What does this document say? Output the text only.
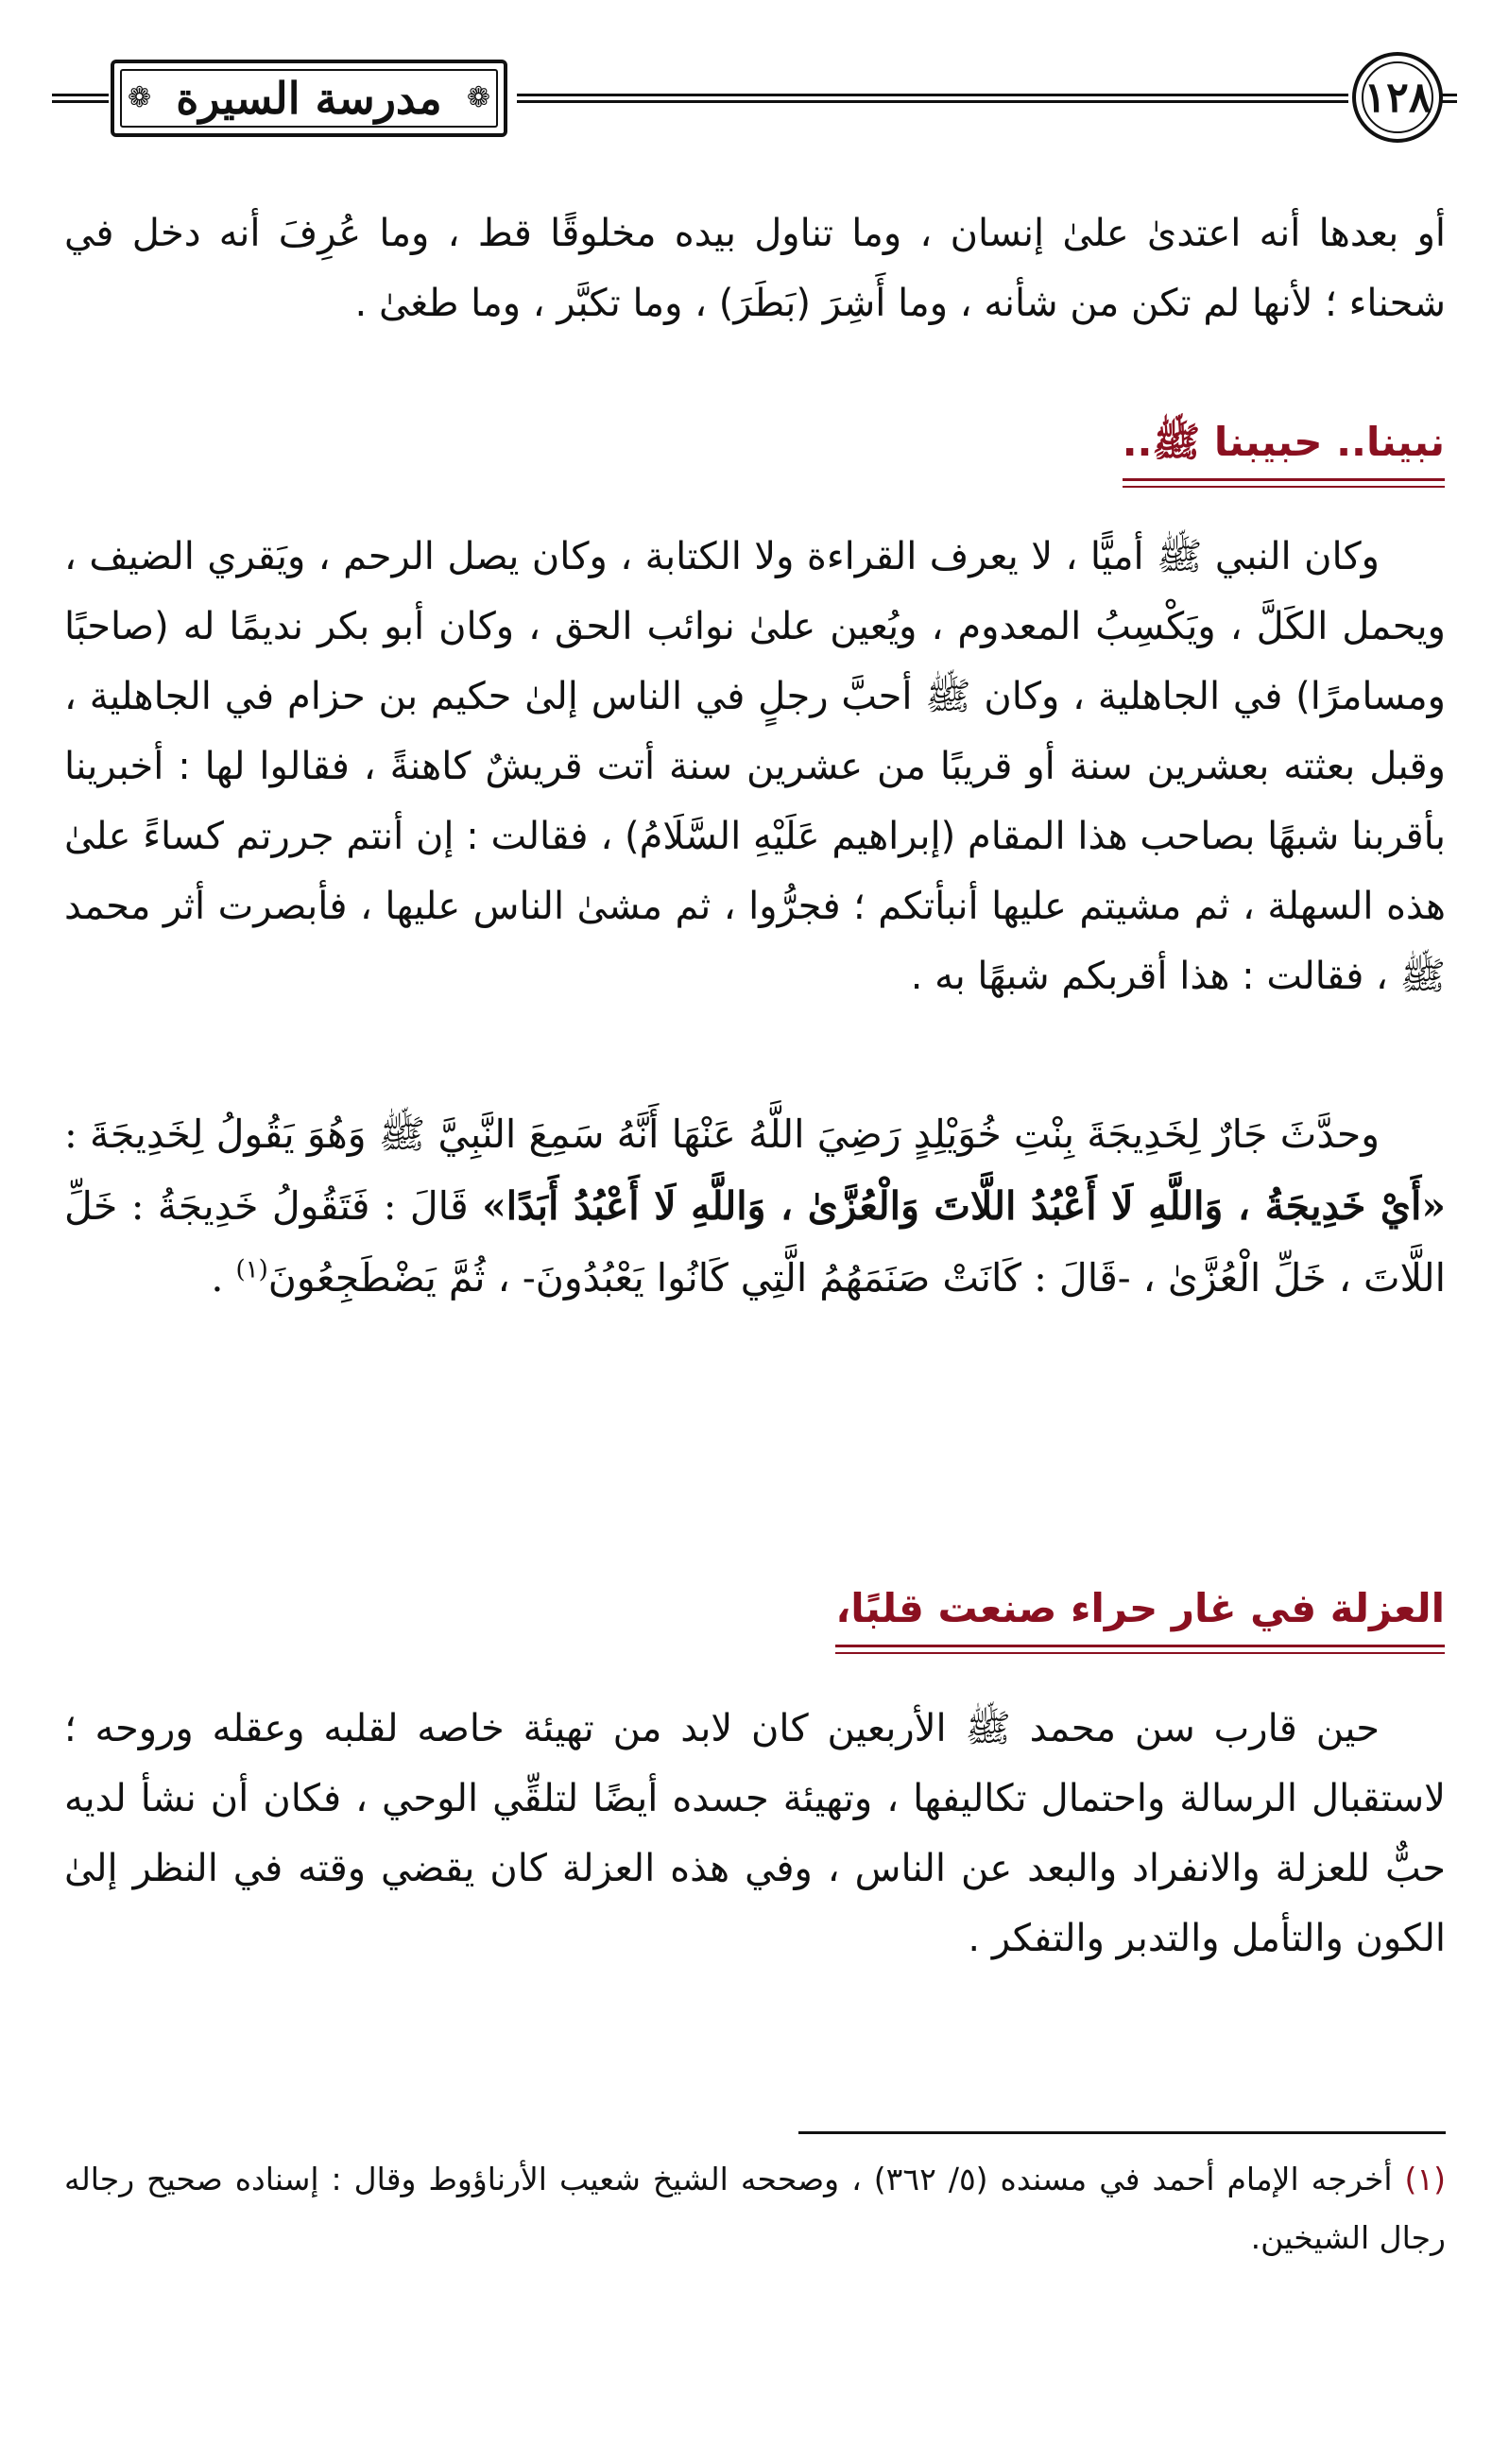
❁ مدرسة السيرة ❁	١٢٨

أو بعدها أنه اعتدىٰ علىٰ إنسان ، وما تناول بيده مخلوقًا قط ، وما عُرِفَ أنه دخل في شحناء ؛ لأنها لم تكن من شأنه ، وما أَشِرَ (بَطَرَ) ، وما تكبَّر ، وما طغىٰ .

نبينا.. حبيبنا ﷺ..

وكان النبي ﷺ أميًّا ، لا يعرف القراءة ولا الكتابة ، وكان يصل الرحم ، ويَقري الضيف ، ويحمل الكَلَّ ، ويَكْسِبُ المعدوم ، ويُعين علىٰ نوائب الحق ، وكان أبو بكر نديمًا له (صاحبًا ومسامرًا) في الجاهلية ، وكان ﷺ أحبَّ رجلٍ في الناس إلىٰ حكيم بن حزام في الجاهلية ، وقبل بعثته بعشرين سنة أو قريبًا من عشرين سنة أتت قريشٌ كاهنةً ، فقالوا لها : أخبرينا بأقربنا شبهًا بصاحب هذا المقام (إبراهيم عَلَيْهِ السَّلَامُ) ، فقالت : إن أنتم جررتم كساءً علىٰ هذه السهلة ، ثم مشيتم عليها أنبأتكم ؛ فجرُّوا ، ثم مشىٰ الناس عليها ، فأبصرت أثر محمد ﷺ ، فقالت : هذا أقربكم شبهًا به .

وحدَّثَ جَارٌ لِخَدِيجَةَ بِنْتِ خُوَيْلِدٍ رَضِيَ اللَّهُ عَنْهَا أَنَّهُ سَمِعَ النَّبِيَّ ﷺ وَهُوَ يَقُولُ لِخَدِيجَةَ : «أَيْ خَدِيجَةُ ، وَاللَّهِ لَا أَعْبُدُ اللَّاتَ وَالْعُزَّىٰ ، وَاللَّهِ لَا أَعْبُدُ أَبَدًا» قَالَ : فَتَقُولُ خَدِيجَةُ : خَلِّ اللَّاتَ ، خَلِّ الْعُزَّىٰ ، -قَالَ : كَانَتْ صَنَمَهُمُ الَّتِي كَانُوا يَعْبُدُونَ- ، ثُمَّ يَضْطَجِعُونَ$^{(١)}$ .

العزلة في غار حراء صنعت قلبًا،

حين قارب سن محمد ﷺ الأربعين كان لابد من تهيئة خاصه لقلبه وعقله وروحه ؛ لاستقبال الرسالة واحتمال تكاليفها ، وتهيئة جسده أيضًا لتلقِّي الوحي ، فكان أن نشأ لديه حبٌّ للعزلة والانفراد والبعد عن الناس ، وفي هذه العزلة كان يقضي وقته في النظر إلىٰ الكون والتأمل والتدبر والتفكر .

(١) أخرجه الإمام أحمد في مسنده (٥/ ٣٦٢) ، وصححه الشيخ شعيب الأرناؤوط وقال : إسناده صحيح رجاله رجال الشيخين.
